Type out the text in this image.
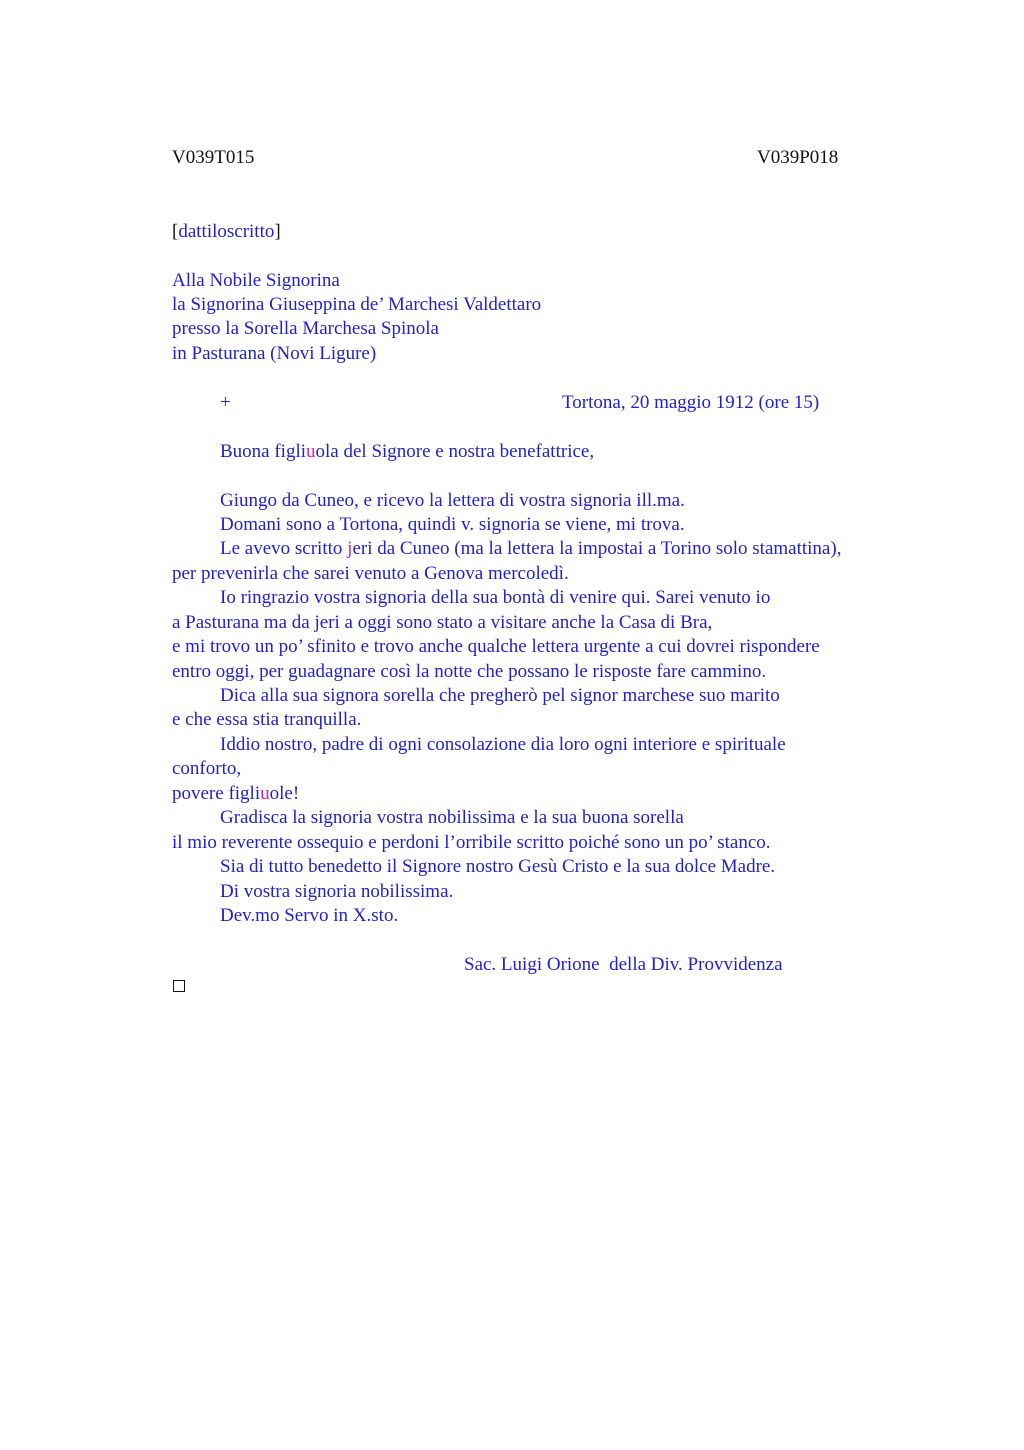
V039T015	V039P018
[dattiloscritto]
Alla Nobile Signorina
la Signorina Giuseppina de’ Marchesi Valdettaro
presso la Sorella Marchesa Spinola
in Pasturana (Novi Ligure)
+	Tortona, 20 maggio 1912 (ore 15)
Buona figliuola del Signore e nostra benefattrice,
Giungo da Cuneo, e ricevo la lettera di vostra signoria ill.ma.
Domani sono a Tortona, quindi v. signoria se viene, mi trova.
Le avevo scritto jeri da Cuneo (ma la lettera la impostai a Torino solo stamattina),
per prevenirla che sarei venuto a Genova mercoledì.
Io ringrazio vostra signoria della sua bontà di venire qui. Sarei venuto io
a Pasturana ma da jeri a oggi sono stato a visitare anche la Casa di Bra,
e mi trovo un po’ sfinito e trovo anche qualche lettera urgente a cui dovrei rispondere
entro oggi, per guadagnare così la notte che possano le risposte fare cammino.
Dica alla sua signora sorella che pregherò pel signor marchese suo marito
e che essa stia tranquilla.
Iddio nostro, padre di ogni consolazione dia loro ogni interiore e spirituale
conforto,
povere figliuole!
Gradisca la signoria vostra nobilissima e la sua buona sorella
il mio reverente ossequio e perdoni l’orribile scritto poiché sono un po’ stanco.
Sia di tutto benedetto il Signore nostro Gesù Cristo e la sua dolce Madre.
Di vostra signoria nobilissima.
Dev.mo Servo in X.sto.
Sac. Luigi Orione  della Div. Provvidenza
